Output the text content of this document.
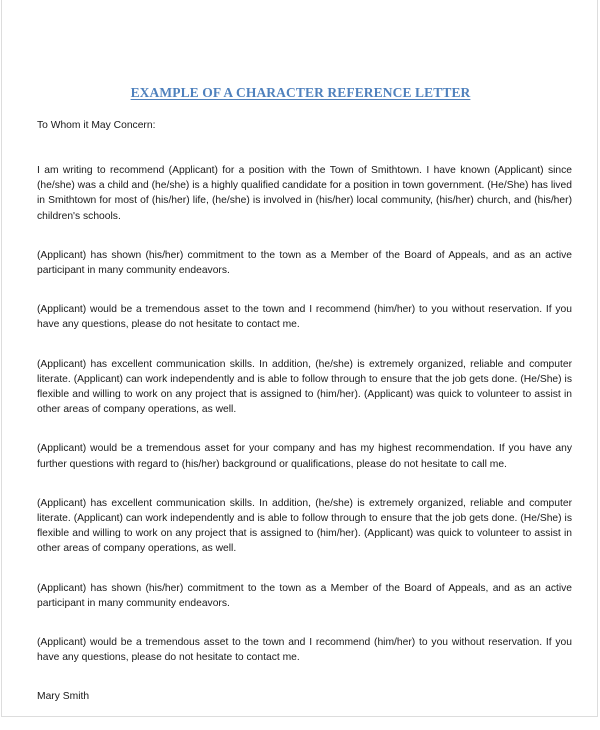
EXAMPLE OF A CHARACTER REFERENCE LETTER

To Whom it May Concern:

I am writing to recommend (Applicant) for a position with the Town of Smithtown. I have known (Applicant) since (he/she) was a child and (he/she) is a highly qualified candidate for a position in town government. (He/She) has lived in Smithtown for most of (his/her) life, (he/she) is involved in (his/her) local community, (his/her) church, and (his/her) children's schools.

(Applicant) has shown (his/her) commitment to the town as a Member of the Board of Appeals, and as an active participant in many community endeavors.

(Applicant) would be a tremendous asset to the town and I recommend (him/her) to you without reservation. If you have any questions, please do not hesitate to contact me.

(Applicant) has excellent communication skills. In addition, (he/she) is extremely organized, reliable and computer literate. (Applicant) can work independently and is able to follow through to ensure that the job gets done. (He/She) is flexible and willing to work on any project that is assigned to (him/her). (Applicant) was quick to volunteer to assist in other areas of company operations, as well.

(Applicant) would be a tremendous asset for your company and has my highest recommendation. If you have any further questions with regard to (his/her) background or qualifications, please do not hesitate to call me.

(Applicant) has excellent communication skills. In addition, (he/she) is extremely organized, reliable and computer literate. (Applicant) can work independently and is able to follow through to ensure that the job gets done. (He/She) is flexible and willing to work on any project that is assigned to (him/her). (Applicant) was quick to volunteer to assist in other areas of company operations, as well.

(Applicant) has shown (his/her) commitment to the town as a Member of the Board of Appeals, and as an active participant in many community endeavors.

(Applicant) would be a tremendous asset to the town and I recommend (him/her) to you without reservation. If you have any questions, please do not hesitate to contact me.

Mary Smith
